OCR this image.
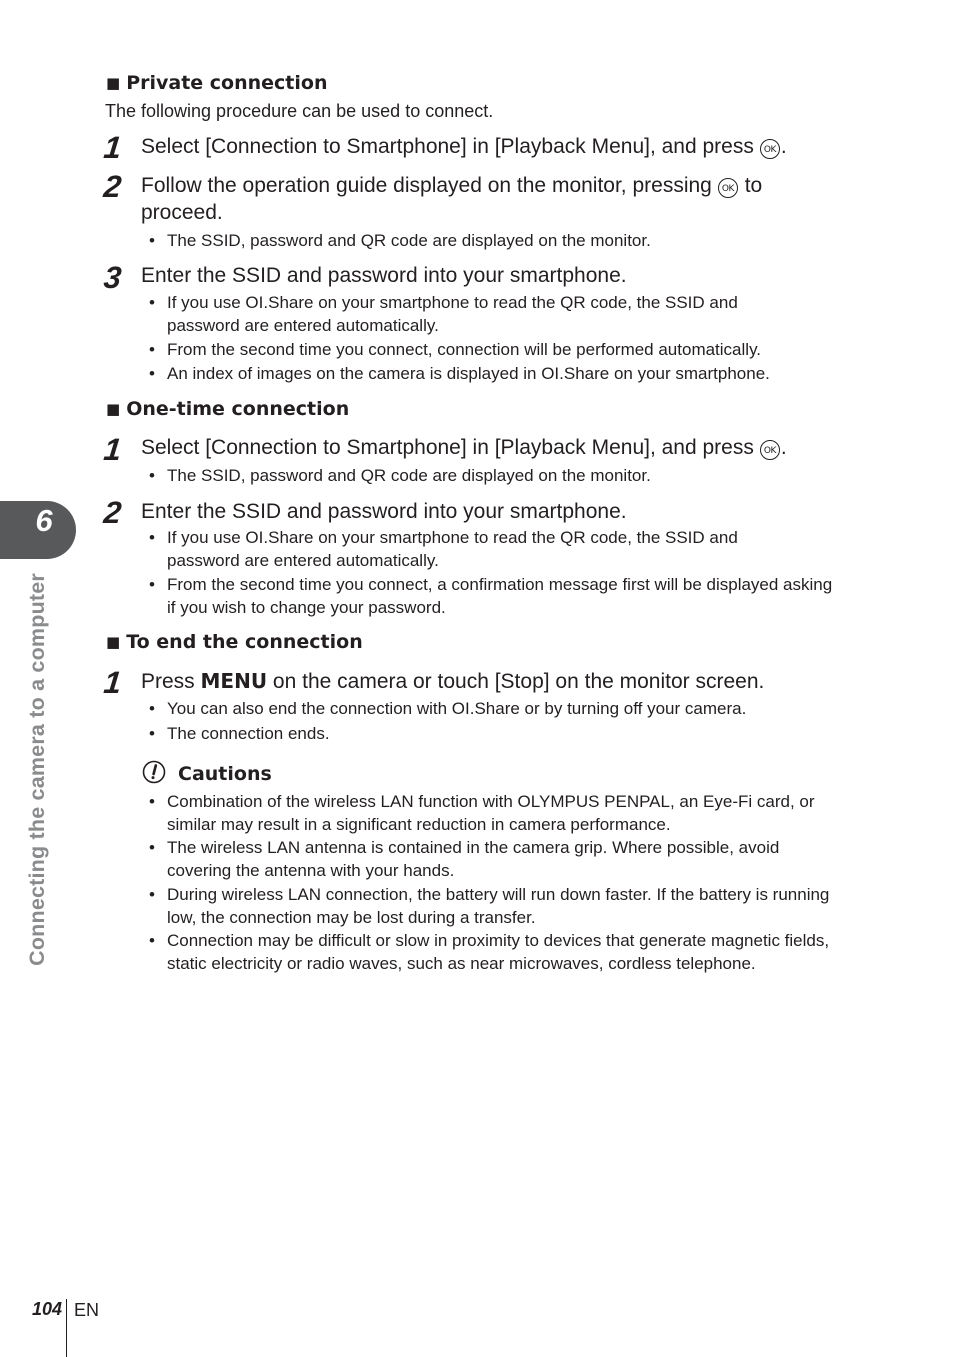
■ Private connection
The following procedure can be used to connect.
1 Select [Connection to Smartphone] in [Playback Menu], and press OK .
2 Follow the operation guide displayed on the monitor, pressing OK to proceed.
• The SSID, password and QR code are displayed on the monitor.
3 Enter the SSID and password into your smartphone.
• If you use OI.Share on your smartphone to read the QR code, the SSID and password are entered automatically.
• From the second time you connect, connection will be performed automatically.
• An index of images on the camera is displayed in OI.Share on your smartphone.
■ One-time connection
1 Select [Connection to Smartphone] in [Playback Menu], and press OK .
• The SSID, password and QR code are displayed on the monitor.
2 Enter the SSID and password into your smartphone.
• If you use OI.Share on your smartphone to read the QR code, the SSID and password are entered automatically.
• From the second time you connect, a confirmation message first will be displayed asking if you wish to change your password.
■ To end the connection
1 Press MENU on the camera or touch [Stop] on the monitor screen.
• You can also end the connection with OI.Share or by turning off your camera.
• The connection ends.
Cautions
• Combination of the wireless LAN function with OLYMPUS PENPAL, an Eye-Fi card, or similar may result in a significant reduction in camera performance.
• The wireless LAN antenna is contained in the camera grip. Where possible, avoid covering the antenna with your hands.
• During wireless LAN connection, the battery will run down faster. If the battery is running low, the connection may be lost during a transfer.
• Connection may be difficult or slow in proximity to devices that generate magnetic fields, static electricity or radio waves, such as near microwaves, cordless telephone.
6
Connecting the camera to a computer
104 EN
